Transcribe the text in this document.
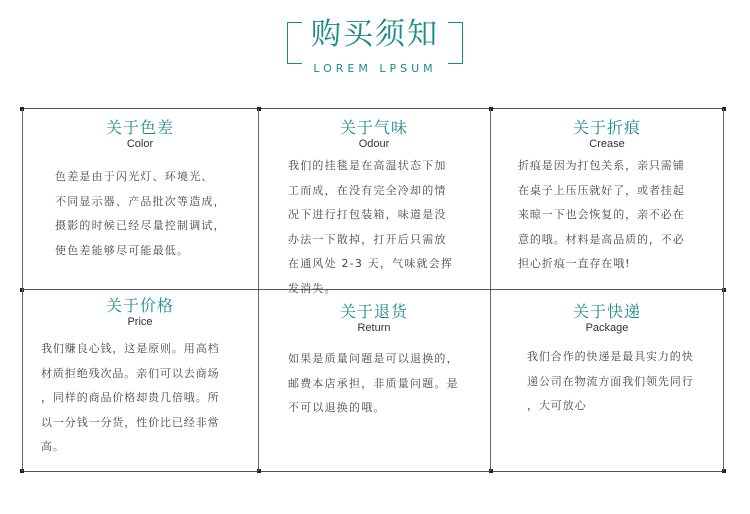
购买须知
LOREM LPSUM
关于色差
Color

色差是由于闪光灯、环境光、

不同显示器、产品批次等造成，

摄影的时候已经尽量控制调试，

使色差能够尽可能最低。

关于气味
Odour

我们的挂毯是在高温状态下加

工而成，在没有完全冷却的情

况下进行打包装箱，味道是没

办法一下散掉，打开后只需放

在通风处 2-3 天，气味就会挥

发消失。

关于折痕
Crease

折痕是因为打包关系，亲只需铺

在桌子上压压就好了，或者挂起

来晾一下也会恢复的，亲不必在

意的哦。材料是高品质的，不必

担心折痕一直存在哦!

关于价格
Price

我们赚良心钱，这是原则。用高档

材质拒绝残次品。亲们可以去商场

，同样的商品价格却贵几倍哦。所

以一分钱一分货，性价比已经非常

高。

关于退货
Return

如果是质量问题是可以退换的，

邮费本店承担，非质量问题。是

不可以退换的哦。

关于快递
Package

我们合作的快递是最具实力的快

递公司在物流方面我们领先同行

，大可放心
